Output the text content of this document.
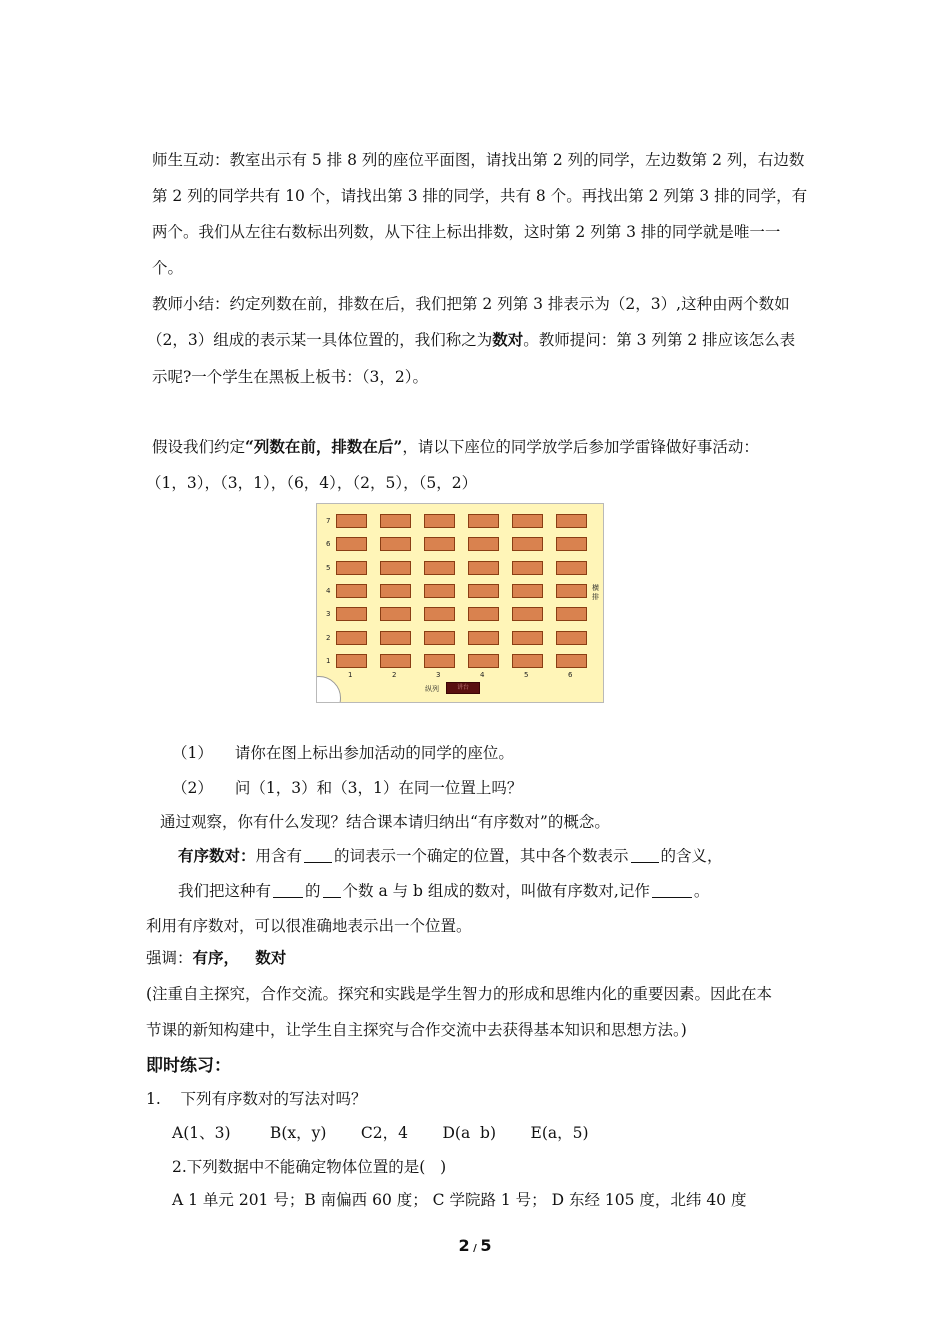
师生互动：教室出示有 5 排 8 列的座位平面图，请找出第 2 列的同学，左边数第 2 列，右边数
第 2 列的同学共有 10 个，请找出第 3 排的同学，共有 8 个。再找出第 2 列第 3 排的同学，有
两个。我们从左往右数标出列数，从下往上标出排数，这时第 2 列第 3 排的同学就是唯一一
个。
教师小结：约定列数在前，排数在后，我们把第 2 列第 3 排表示为（2，3）,这种由两个数如
（2，3）组成的表示某一具体位置的，我们称之为数对。教师提问：第 3 列第 2 排应该怎么表
示呢?一个学生在黑板上板书：（3，2）。
假设我们约定“列数在前，排数在后”，请以下座位的同学放学后参加学雷锋做好事活动：
（1，3），（3，1），（6，4），（2，5），（5，2）
7
6
5
4
3
2
1
1	2	3	4	5	6
横
排
纵列	讲台
（1） 请你在图上标出参加活动的同学的座位。
（2） 问（1，3）和（3，1）在同一位置上吗？
通过观察，你有什么发现？结合课本请归纳出“有序数对”的概念。
有序数对：用含有 的词表示一个确定的位置，其中各个数表示 的含义，
我们把这种有 的 个数 a 与 b 组成的数对，叫做有序数对,记作	。
利用有序数对，可以很准确地表示出一个位置。
强调：有序，   数对
(注重自主探究，合作交流。探究和实践是学生智力的形成和思维内化的重要因素。因此在本
节课的新知构建中，让学生自主探究与合作交流中去获得基本知识和思想方法。)
即时练习：
1.    下列有序数对的写法对吗？
A(1、3)        B(x，y)       C2，4       D(a  b)       E(a，5)
2.下列数据中不能确定物体位置的是(   )
A 1 单元 201 号；B 南偏西 60 度； C 学院路 1 号； D 东经 105 度，北纬 40 度
2 / 5
